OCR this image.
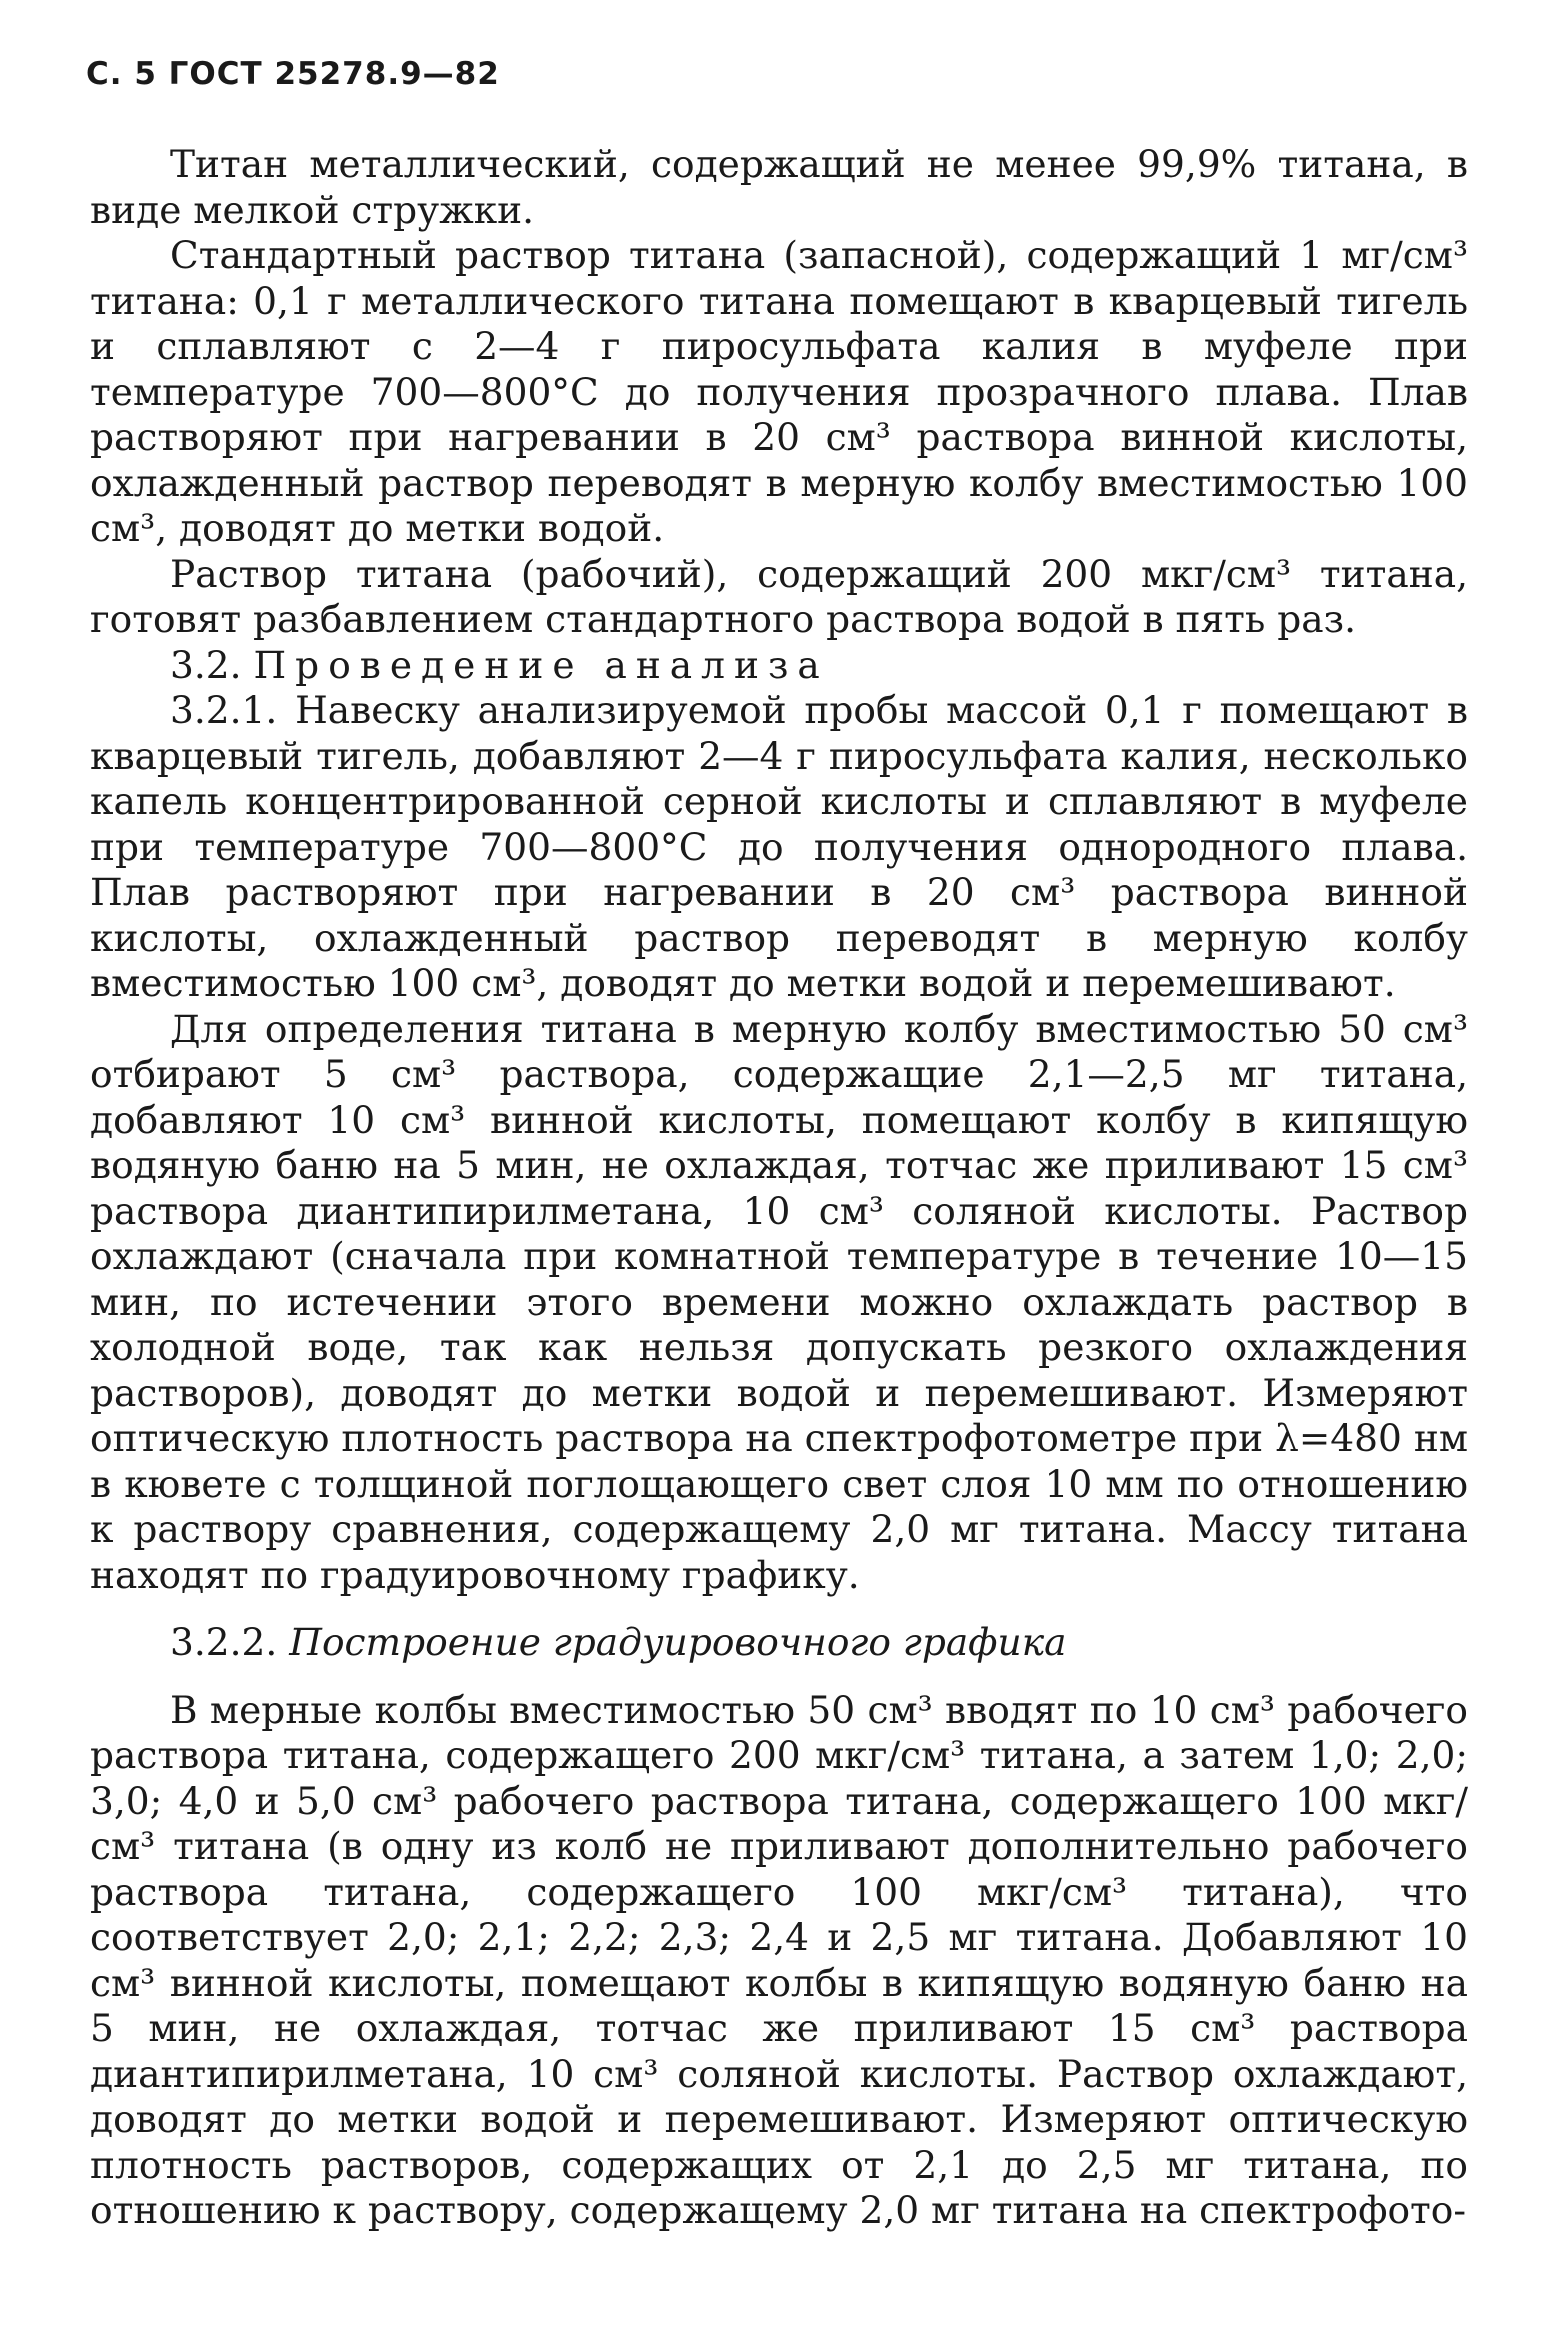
С. 5 ГОСТ 25278.9—82

Титан металлический, содержащий не менее 99,9% титана, в виде мелкой стружки.

Стандартный раствор титана (запасной), содержащий 1 мг/см³ титана: 0,1 г металлического титана помещают в кварцевый тигель и сплавляют с 2—4 г пиросульфата калия в муфеле при температуре 700—800°С до получения прозрачного плава. Плав растворяют при нагревании в 20 см³ раствора винной кислоты, охлажденный раствор переводят в мерную колбу вместимостью 100 см³, доводят до метки водой.

Раствор титана (рабочий), содержащий 200 мкг/см³ титана, готовят разбавлением стандартного раствора водой в пять раз.

3.2. Проведение анализа

3.2.1. Навеску анализируемой пробы массой 0,1 г помещают в кварцевый тигель, добавляют 2—4 г пиросульфата калия, несколько капель концентрированной серной кислоты и сплавляют в муфеле при температуре 700—800°С до получения однородного плава. Плав растворяют при нагревании в 20 см³ раствора винной кислоты, охлажденный раствор переводят в мерную колбу вместимостью 100 см³, доводят до метки водой и перемешивают.

Для определения титана в мерную колбу вместимостью 50 см³ отбирают 5 см³ раствора, содержащие 2,1—2,5 мг титана, добавляют 10 см³ винной кислоты, помещают колбу в кипящую водяную баню на 5 мин, не охлаждая, тотчас же приливают 15 см³ раствора диантипирилметана, 10 см³ соляной кислоты. Раствор охлаждают (сначала при комнатной температуре в течение 10—15 мин, по истечении этого времени можно охлаждать раствор в холодной воде, так как нельзя допускать резкого охлаждения растворов), доводят до метки водой и перемешивают. Измеряют оптическую плотность раствора на спектрофотометре при λ=480 нм в кювете с толщиной поглощающего свет слоя 10 мм по отношению к раствору сравнения, содержащему 2,0 мг титана. Массу титана находят по градуировочному графику.

3.2.2. Построение градуировочного графика

В мерные колбы вместимостью 50 см³ вводят по 10 см³ рабочего раствора титана, содержащего 200 мкг/см³ титана, а затем 1,0; 2,0; 3,0; 4,0 и 5,0 см³ рабочего раствора титана, содержащего 100 мкг/см³ титана (в одну из колб не приливают дополнительно рабочего раствора титана, содержащего 100 мкг/см³ титана), что соответствует 2,0; 2,1; 2,2; 2,3; 2,4 и 2,5 мг титана. Добавляют 10 см³ винной кислоты, помещают колбы в кипящую водяную баню на 5 мин, не охлаждая, тотчас же приливают 15 см³ раствора диантипирилметана, 10 см³ соляной кислоты. Раствор охлаждают, доводят до метки водой и перемешивают. Измеряют оптическую плотность растворов, содержащих от 2,1 до 2,5 мг титана, по отношению к раствору, содержащему 2,0 мг титана на спектрофото-
